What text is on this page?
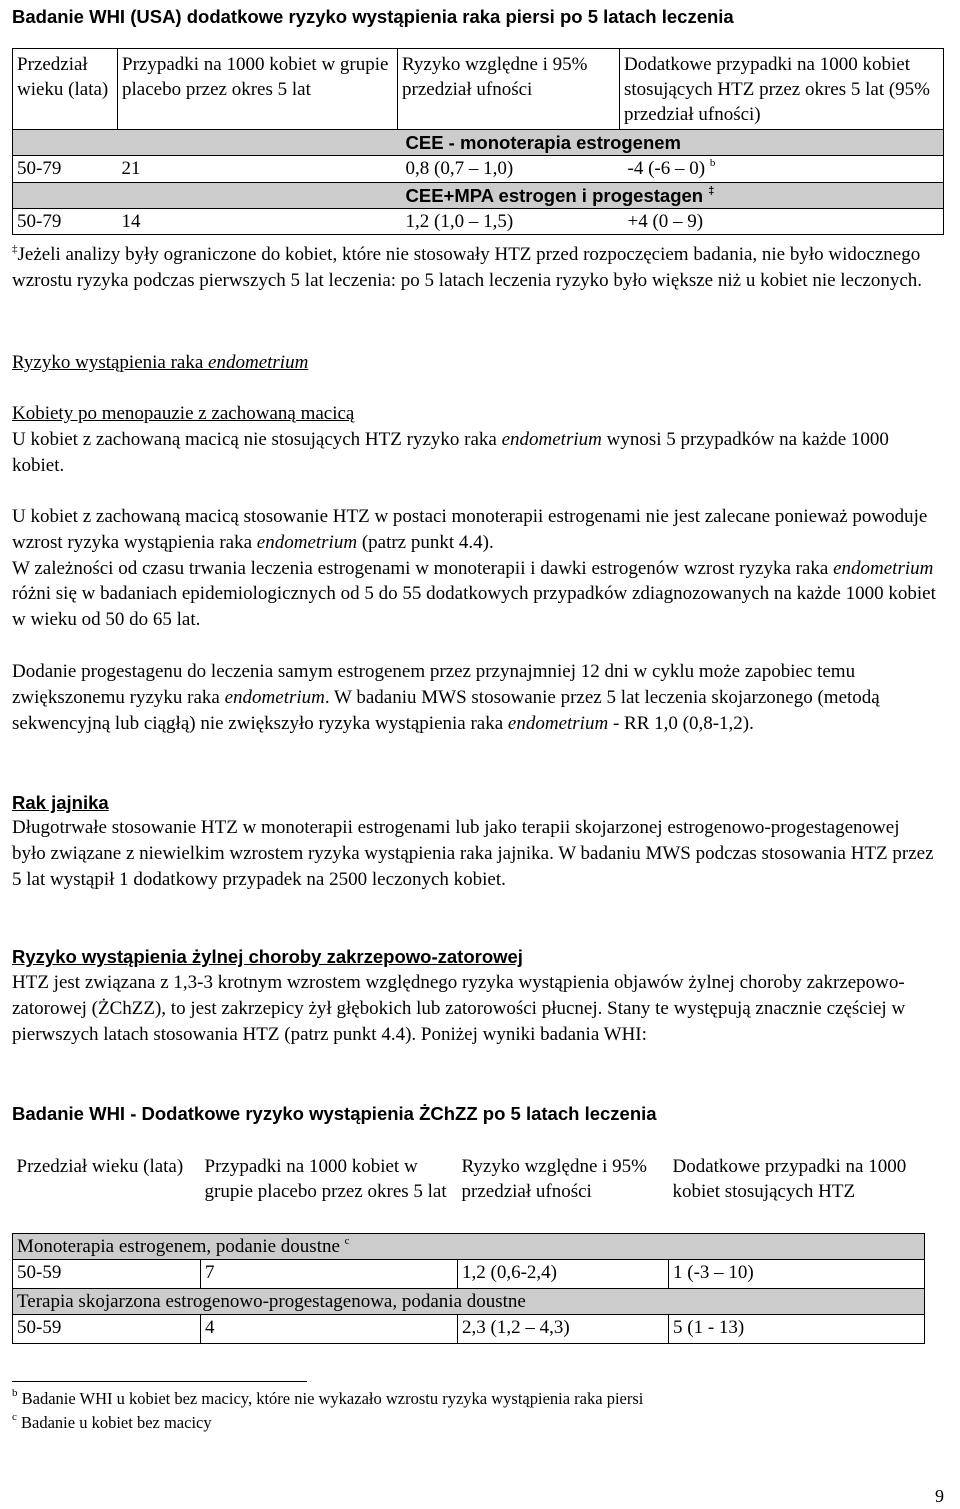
Badanie WHI (USA) dodatkowe ryzyko wystąpienia raka piersi po 5 latach leczenia
Przedział wieku (lata)	Przypadki na 1000 kobiet w grupie placebo przez okres 5 lat	Ryzyko względne i 95% przedział ufności	Dodatkowe przypadki na 1000 kobiet stosujących HTZ przez okres 5 lat (95% przedział ufności)
		CEE - monoterapia estrogenem	
50-79	21	0,8 (0,7 – 1,0)	-4 (-6 – 0) $^b$
		CEE+MPA estrogen i progestagen ‡
50-79	14	1,2 (1,0 – 1,5)	+4 (0 – 9)
‡Jeżeli analizy były ograniczone do kobiet, które nie stosowały HTZ przed rozpoczęciem badania, nie było widocznego wzrostu ryzyka podczas pierwszych 5 lat leczenia: po 5 latach leczenia ryzyko było większe niż u kobiet nie leczonych.
Ryzyko wystąpienia raka endometrium
Kobiety po menopauzie z zachowaną macicą
U kobiet z zachowaną macicą nie stosujących HTZ ryzyko raka endometrium wynosi 5 przypadków na każde 1000 kobiet.
U kobiet z zachowaną macicą stosowanie HTZ w postaci monoterapii estrogenami nie jest zalecane ponieważ powoduje wzrost ryzyka wystąpienia raka endometrium (patrz punkt 4.4).
W zależności od czasu trwania leczenia estrogenami w monoterapii i dawki estrogenów wzrost ryzyka raka endometrium różni się w badaniach epidemiologicznych od 5 do 55 dodatkowych przypadków zdiagnozowanych na każde 1000 kobiet w wieku od 50 do 65 lat.
Dodanie progestagenu do leczenia samym estrogenem przez przynajmniej 12 dni w cyklu może zapobiec temu zwiększonemu ryzyku raka endometrium. W badaniu MWS stosowanie przez 5 lat leczenia skojarzonego (metodą sekwencyjną lub ciągłą) nie zwiększyło ryzyka wystąpienia raka endometrium - RR 1,0 (0,8-1,2).
Rak jajnika
Długotrwałe stosowanie HTZ w monoterapii estrogenami lub jako terapii skojarzonej estrogenowo-progestagenowej było związane z niewielkim wzrostem ryzyka wystąpienia raka jajnika. W badaniu MWS podczas stosowania HTZ przez 5 lat wystąpił 1 dodatkowy przypadek na 2500 leczonych kobiet.
Ryzyko wystąpienia żylnej choroby zakrzepowo-zatorowej
HTZ jest związana z 1,3-3 krotnym wzrostem względnego ryzyka wystąpienia objawów żylnej choroby zakrzepowo-zatorowej (ŻChZZ), to jest zakrzepicy żył głębokich lub zatorowości płucnej. Stany te występują znacznie częściej w pierwszych latach stosowania HTZ (patrz punkt 4.4). Poniżej wyniki badania WHI:
Badanie WHI - Dodatkowe ryzyko wystąpienia ŻChZZ po 5 latach leczenia
Przedział wieku (lata)	Przypadki na 1000 kobiet w grupie placebo przez okres 5 lat	Ryzyko względne i 95% przedział ufności	Dodatkowe przypadki na 1000 kobiet stosujących HTZ
Monoterapia estrogenem, podanie doustne $^c$
50-59	7	1,2 (0,6-2,4)	1 (-3 – 10)
Terapia skojarzona estrogenowo-progestagenowa, podania doustne			
50-59	4	2,3 (1,2 – 4,3)	5 (1 - 13)
$^b$ Badanie WHI u kobiet bez macicy, które nie wykazało wzrostu ryzyka wystąpienia raka piersi
$^c$ Badanie u kobiet bez macicy
9
